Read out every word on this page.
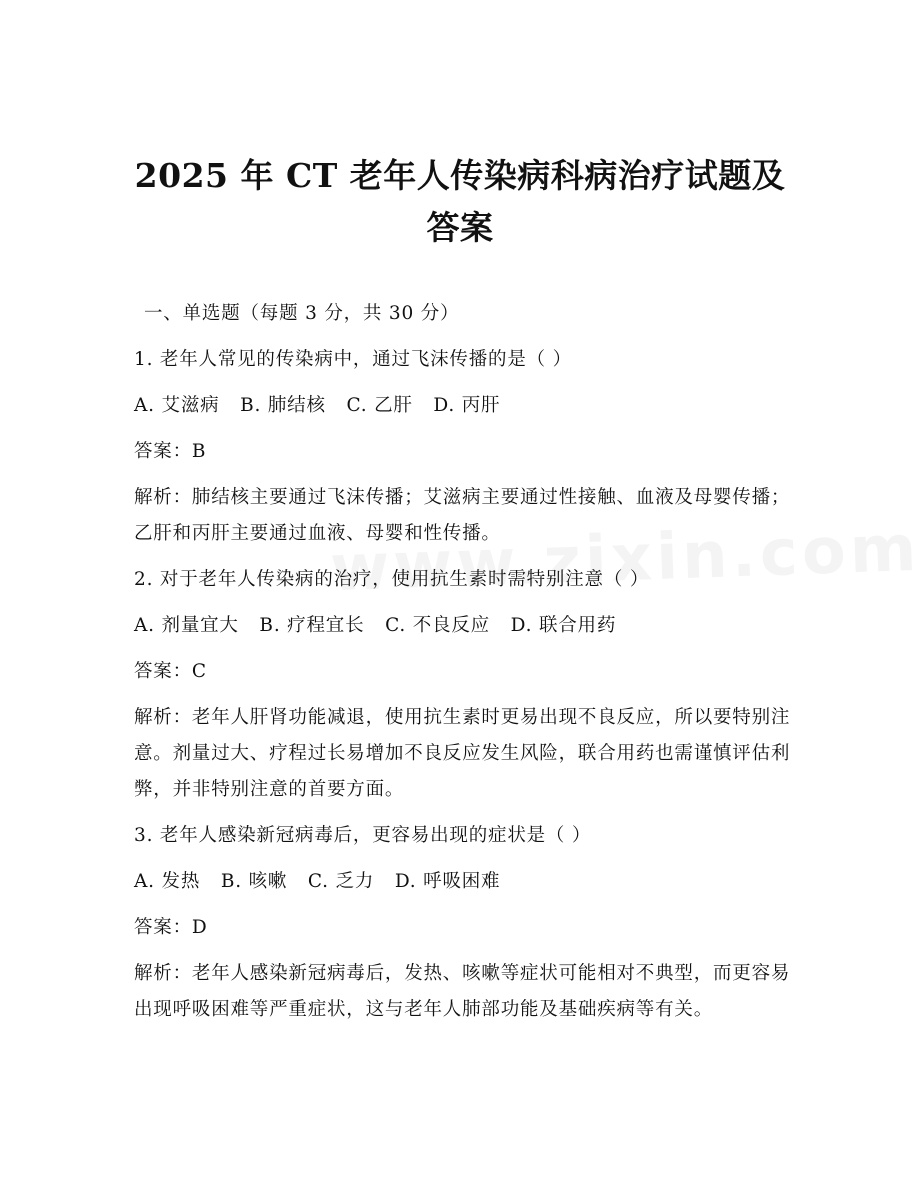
2025 年 CT 老年人传染病科病治疗试题及答案
一、单选题（每题 3 分，共 30 分）
1. 老年人常见的传染病中，通过飞沫传播的是（ ）
A. 艾滋病 B. 肺结核 C. 乙肝 D. 丙肝
答案：B
解析：肺结核主要通过飞沫传播；艾滋病主要通过性接触、血液及母婴传播；乙肝和丙肝主要通过血液、母婴和性传播。
2. 对于老年人传染病的治疗，使用抗生素时需特别注意（ ）
A. 剂量宜大 B. 疗程宜长 C. 不良反应 D. 联合用药
答案：C
解析：老年人肝肾功能减退，使用抗生素时更易出现不良反应，所以要特别注意。剂量过大、疗程过长易增加不良反应发生风险，联合用药也需谨慎评估利弊，并非特别注意的首要方面。
3. 老年人感染新冠病毒后，更容易出现的症状是（ ）
A. 发热 B. 咳嗽 C. 乏力 D. 呼吸困难
答案：D
解析：老年人感染新冠病毒后，发热、咳嗽等症状可能相对不典型，而更容易出现呼吸困难等严重症状，这与老年人肺部功能及基础疾病等有关。
